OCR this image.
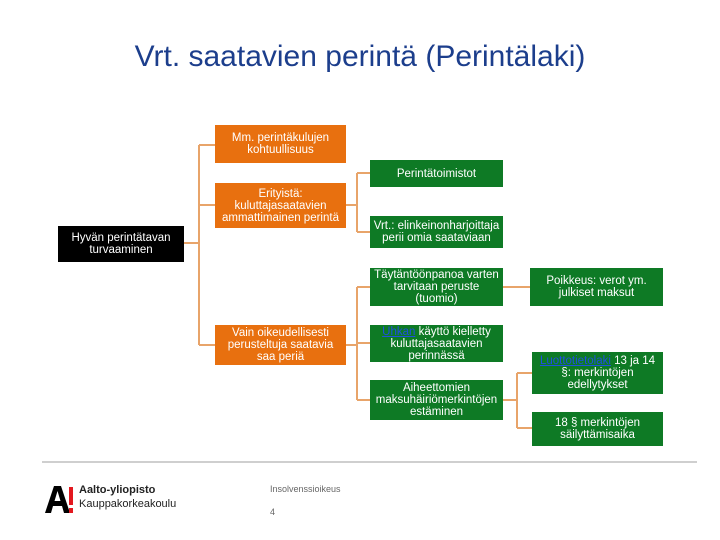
Vrt. saatavien perintä (Perintälaki)
Hyvän perintätavan turvaaminen
Mm. perintäkulujen kohtuullisuus
Erityistä: kuluttajasaatavien ammattimainen perintä
Vain oikeudellisesti perusteltuja saatavia saa periä
Perintätoimistot
Vrt.: elinkeinonharjoittaja perii omia saataviaan
Täytäntöönpanoa varten tarvitaan peruste (tuomio)
Uhkan käyttö kielletty kuluttajasaatavien perinnässä
Aiheettomien maksuhäiriömerkintöjen estäminen
Poikkeus: verot ym. julkiset maksut
Luottotietolaki 13 ja 14 §: merkintöjen edellytykset
18 § merkintöjen säilyttämisaika
Aalto-yliopisto
Kauppakorkeakoulu
Insolvenssioikeus
4
